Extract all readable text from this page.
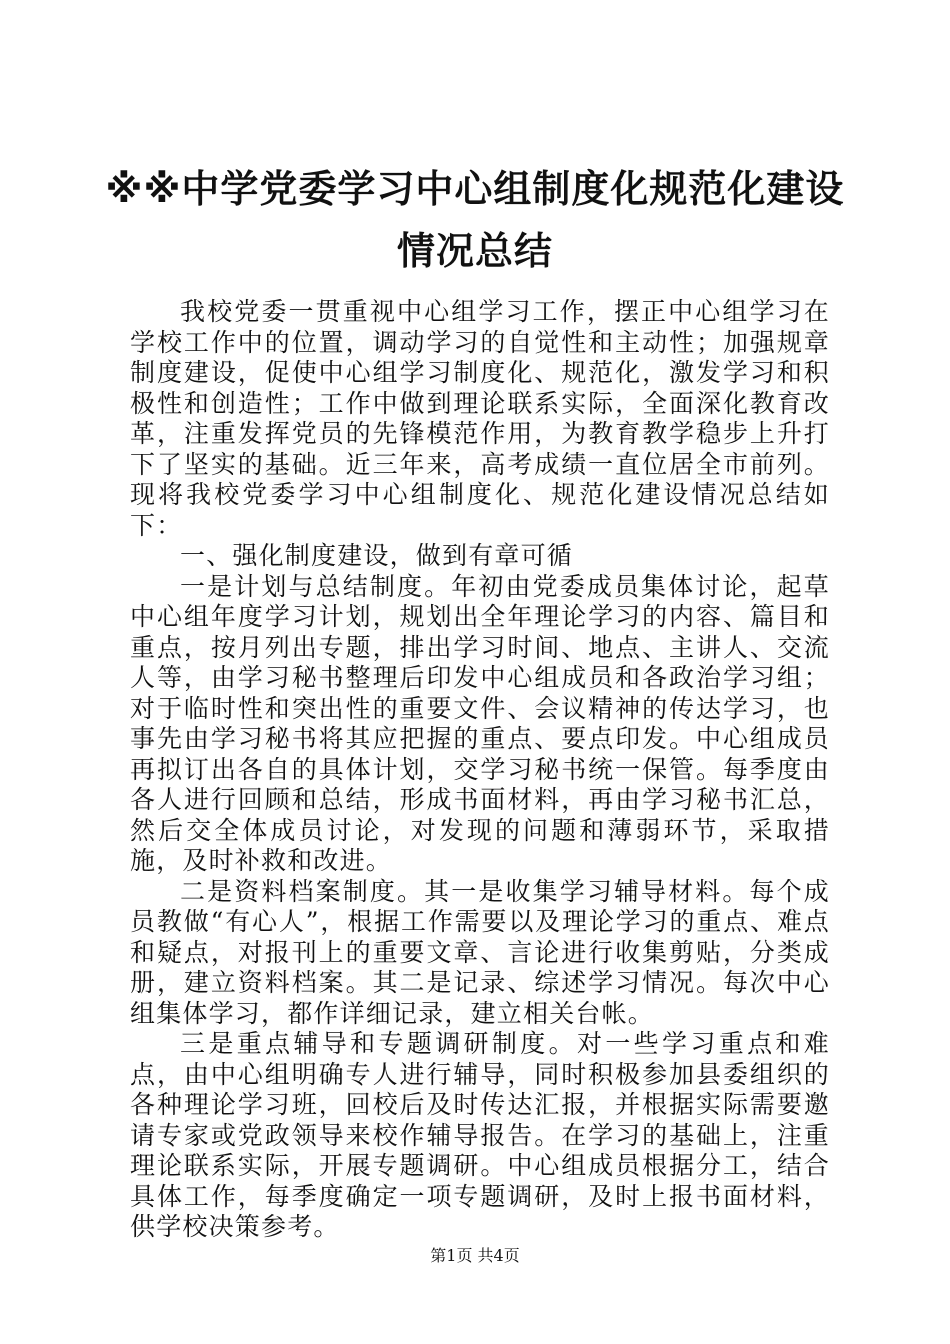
※※中学党委学习中心组制度化规范化建设情况总结

我校党委一贯重视中心组学习工作，摆正中心组学习在学校工作中的位置，调动学习的自觉性和主动性；加强规章制度建设，促使中心组学习制度化、规范化，激发学习和积极性和创造性；工作中做到理论联系实际，全面深化教育改革，注重发挥党员的先锋模范作用，为教育教学稳步上升打下了坚实的基础。近三年来，高考成绩一直位居全市前列。现将我校党委学习中心组制度化、规范化建设情况总结如下：

一、强化制度建设，做到有章可循

一是计划与总结制度。年初由党委成员集体讨论，起草中心组年度学习计划，规划出全年理论学习的内容、篇目和重点，按月列出专题，排出学习时间、地点、主讲人、交流人等，由学习秘书整理后印发中心组成员和各政治学习组；对于临时性和突出性的重要文件、会议精神的传达学习，也事先由学习秘书将其应把握的重点、要点印发。中心组成员再拟订出各自的具体计划，交学习秘书统一保管。每季度由各人进行回顾和总结，形成书面材料，再由学习秘书汇总，然后交全体成员讨论，对发现的问题和薄弱环节，采取措施，及时补救和改进。

二是资料档案制度。其一是收集学习辅导材料。每个成员教做“有心人”，根据工作需要以及理论学习的重点、难点和疑点，对报刊上的重要文章、言论进行收集剪贴，分类成册，建立资料档案。其二是记录、综述学习情况。每次中心组集体学习，都作详细记录，建立相关台帐。

三是重点辅导和专题调研制度。对一些学习重点和难点，由中心组明确专人进行辅导，同时积极参加县委组织的各种理论学习班，回校后及时传达汇报，并根据实际需要邀请专家或党政领导来校作辅导报告。在学习的基础上，注重理论联系实际，开展专题调研。中心组成员根据分工，结合具体工作，每季度确定一项专题调研，及时上报书面材料，供学校决策参考。

第1页 共4页
